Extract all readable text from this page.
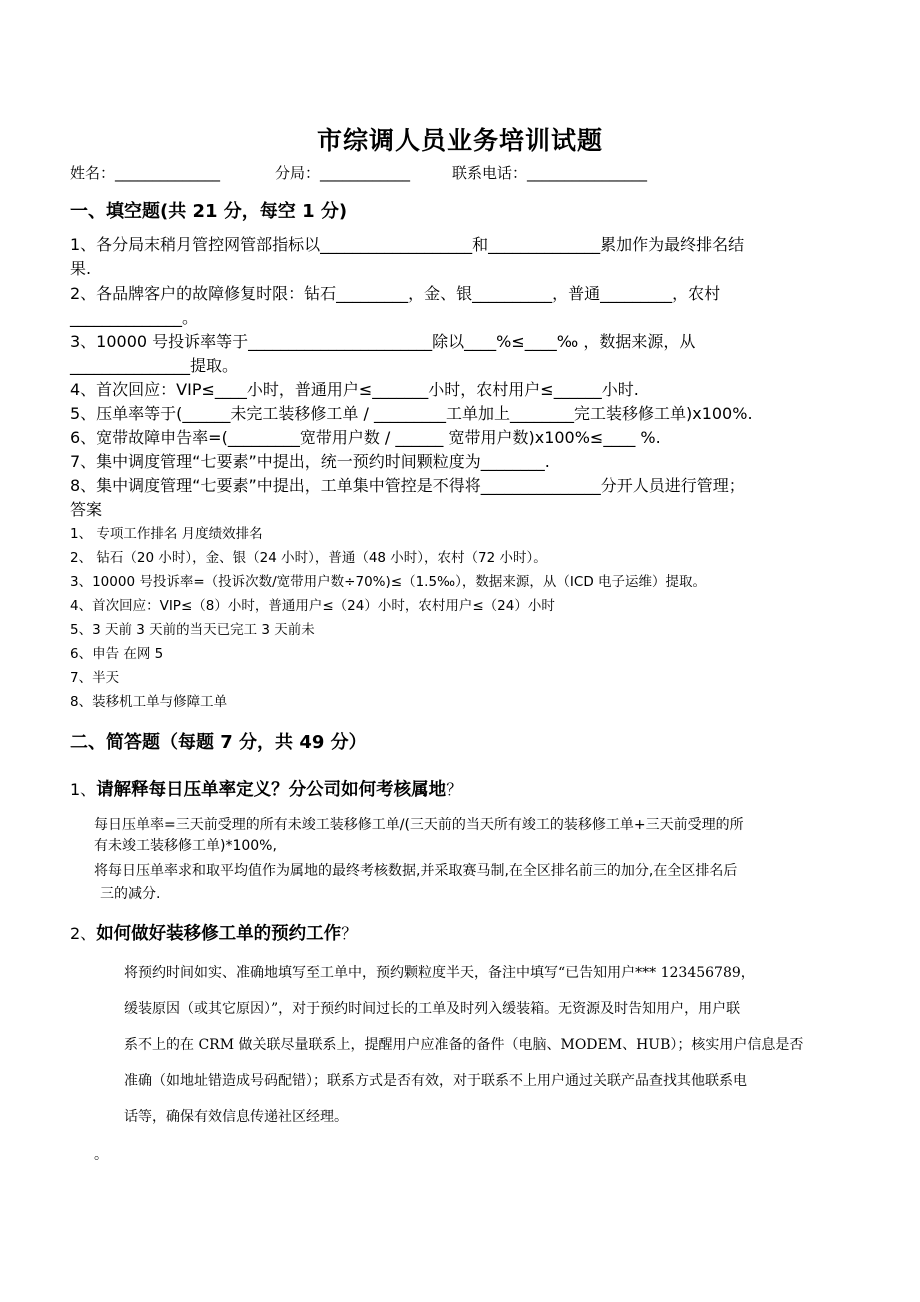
市综调人员业务培训试题
姓名：______________	分局：____________	联系电话：________________
一、填空题(共 21 分，每空 1 分)
1、各分局末稍月管控网管部指标以___________________和______________累加作为最终排名结
果.
2、各品牌客户的故障修复时限：钻石_________，金、银__________，普通_________，农村
______________。
3、10000 号投诉率等于_______________________除以____%≤____‰ ，数据来源，从
_______________提取。
4、首次回应：VIP≤____小时，普通用户≤_______小时，农村用户≤______小时.
5、压单率等于(______未完工装移修工单 / _________工单加上________完工装移修工单)x100%.
6、宽带故障申告率=(_________宽带用户数 / ______ 宽带用户数)x100%≤____ %.
7、集中调度管理“七要素”中提出，统一预约时间颗粒度为________.
8、集中调度管理“七要素”中提出，工单集中管控是不得将_______________分开人员进行管理；
答案
1、 专项工作排名 月度绩效排名
2、 钻石（20 小时），金、银（24 小时），普通（48 小时），农村（72 小时）。
3、10000 号投诉率=（投诉次数/宽带用户数÷70%)≤（1.5‰），数据来源，从（ICD 电子运维）提取。
4、首次回应：VIP≤（8）小时，普通用户≤（24）小时，农村用户≤（24）小时
5、3 天前 3 天前的当天已完工 3 天前未
6、申告 在网 5
7、半天
8、装移机工单与修障工单
二、简答题（每题 7 分，共 49 分）
1、请解释每日压单率定义？分公司如何考核属地？
每日压单率=三天前受理的所有未竣工装移修工单/(三天前的当天所有竣工的装移修工单+三天前受理的所
有未竣工装移修工单)*100%,
将每日压单率求和取平均值作为属地的最终考核数据,并采取赛马制,在全区排名前三的加分,在全区排名后
三的减分.
2、如何做好装移修工单的预约工作？
将预约时间如实、准确地填写至工单中，预约颗粒度半天，备注中填写“已告知用户*** 123456789，
缓装原因（或其它原因）”，对于预约时间过长的工单及时列入缓装箱。无资源及时告知用户，用户联
系不上的在 CRM 做关联尽量联系上，提醒用户应准备的备件（电脑、MODEM、HUB）；核实用户信息是否
准确（如地址错造成号码配错）；联系方式是否有效，对于联系不上用户通过关联产品查找其他联系电
话等，确保有效信息传递社区经理。
。
